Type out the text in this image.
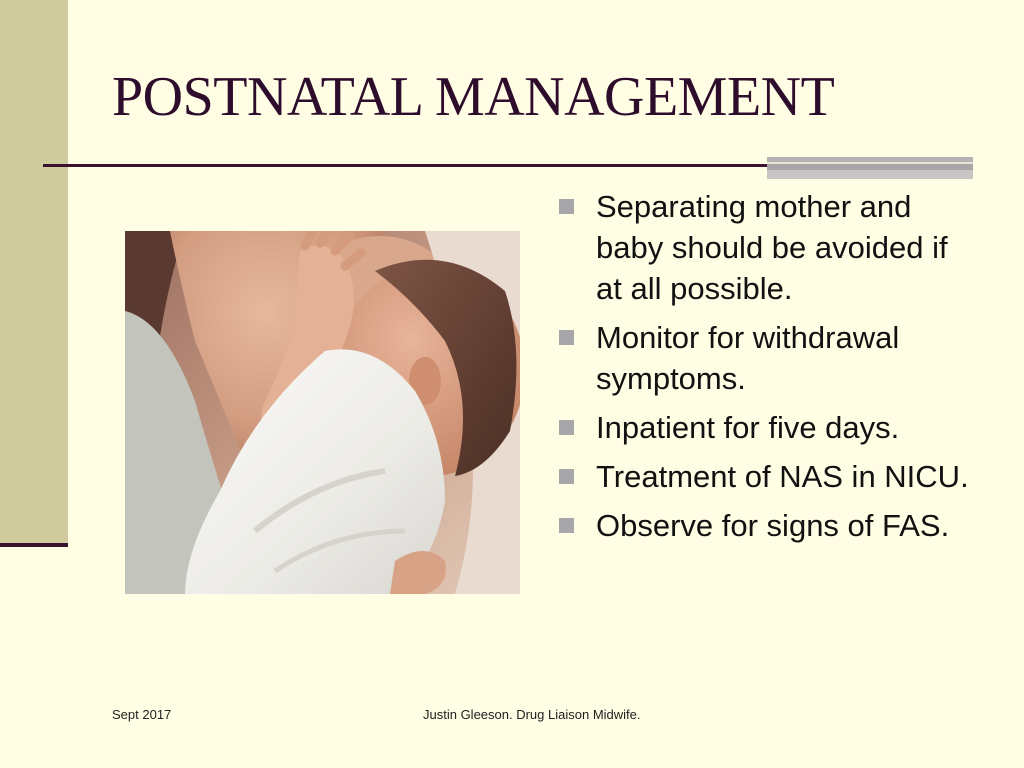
POSTNATAL MANAGEMENT
Separating mother and baby should be avoided if at all possible.
Monitor for withdrawal symptoms.
Inpatient for five days.
Treatment of NAS in NICU.
Observe for signs of FAS.
Sept 2017	Justin Gleeson. Drug Liaison Midwife.
